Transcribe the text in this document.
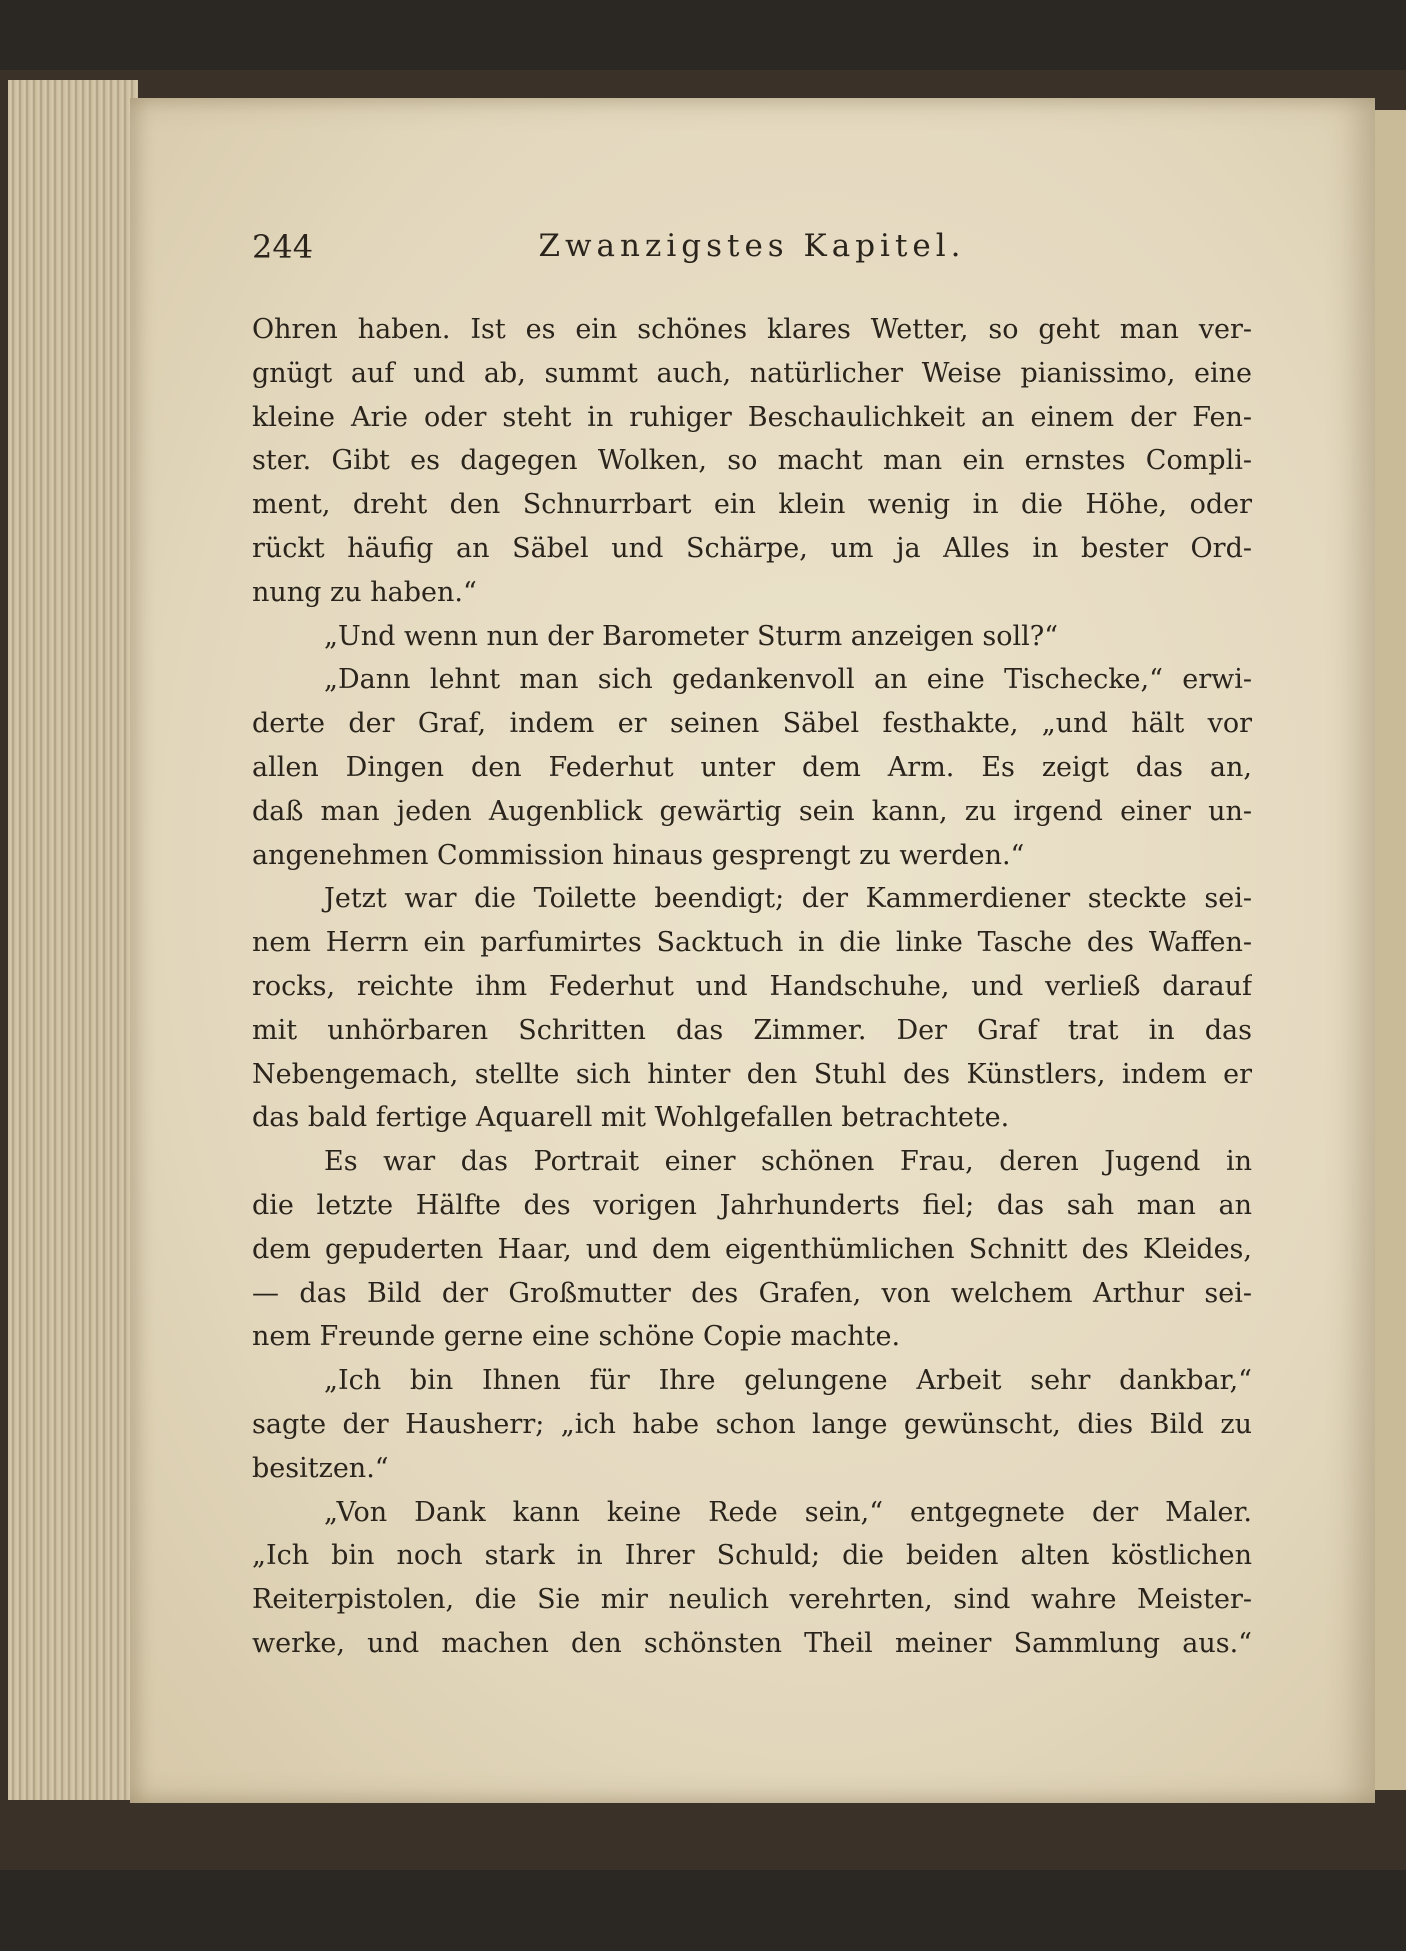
244	Zwanzigstes Kapitel.
Ohren haben. Ist es ein schönes klares Wetter, so geht man ver-
gnügt auf und ab, summt auch, natürlicher Weise pianissimo, eine
kleine Arie oder steht in ruhiger Beschaulichkeit an einem der Fen-
ster. Gibt es dagegen Wolken, so macht man ein ernstes Compli-
ment, dreht den Schnurrbart ein klein wenig in die Höhe, oder
rückt häufig an Säbel und Schärpe, um ja Alles in bester Ord-
nung zu haben.“
„Und wenn nun der Barometer Sturm anzeigen soll?“
„Dann lehnt man sich gedankenvoll an eine Tischecke,“ erwi-
derte der Graf, indem er seinen Säbel festhakte, „und hält vor
allen Dingen den Federhut unter dem Arm. Es zeigt das an,
daß man jeden Augenblick gewärtig sein kann, zu irgend einer un-
angenehmen Commission hinaus gesprengt zu werden.“
Jetzt war die Toilette beendigt; der Kammerdiener steckte sei-
nem Herrn ein parfumirtes Sacktuch in die linke Tasche des Waffen-
rocks, reichte ihm Federhut und Handschuhe, und verließ darauf
mit unhörbaren Schritten das Zimmer. Der Graf trat in das
Nebengemach, stellte sich hinter den Stuhl des Künstlers, indem er
das bald fertige Aquarell mit Wohlgefallen betrachtete.
Es war das Portrait einer schönen Frau, deren Jugend in
die letzte Hälfte des vorigen Jahrhunderts fiel; das sah man an
dem gepuderten Haar, und dem eigenthümlichen Schnitt des Kleides,
— das Bild der Großmutter des Grafen, von welchem Arthur sei-
nem Freunde gerne eine schöne Copie machte.
„Ich bin Ihnen für Ihre gelungene Arbeit sehr dankbar,“
sagte der Hausherr; „ich habe schon lange gewünscht, dies Bild zu
besitzen.“
„Von Dank kann keine Rede sein,“ entgegnete der Maler.
„Ich bin noch stark in Ihrer Schuld; die beiden alten köstlichen
Reiterpistolen, die Sie mir neulich verehrten, sind wahre Meister-
werke, und machen den schönsten Theil meiner Sammlung aus.“
